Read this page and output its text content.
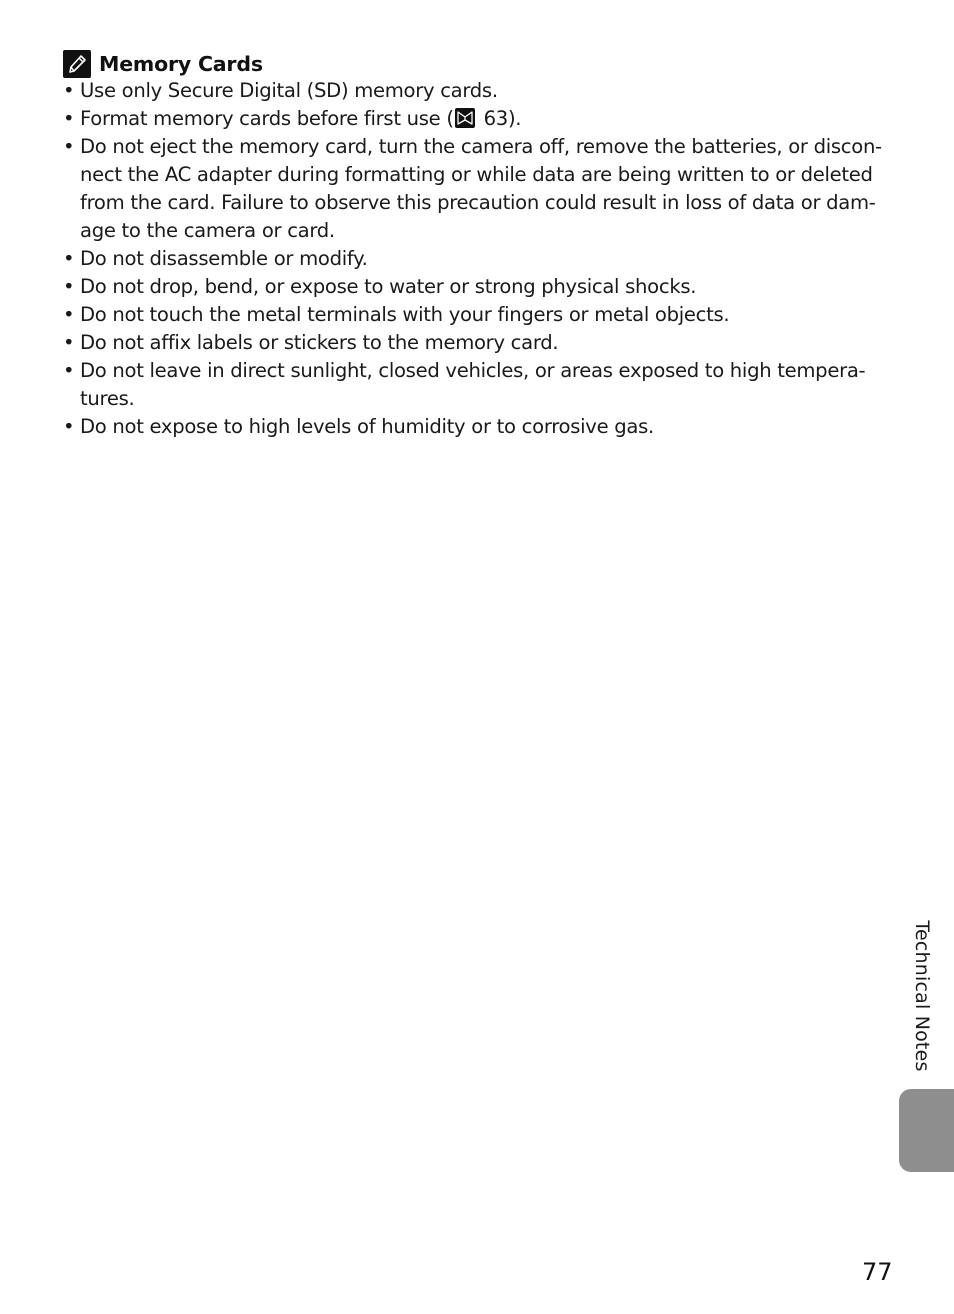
Memory Cards
• Use only Secure Digital (SD) memory cards.
• Format memory cards before first use ( 63).
• Do not eject the memory card, turn the camera off, remove the batteries, or discon-
nect the AC adapter during formatting or while data are being written to or deleted
from the card. Failure to observe this precaution could result in loss of data or dam-
age to the camera or card.
• Do not disassemble or modify.
• Do not drop, bend, or expose to water or strong physical shocks.
• Do not touch the metal terminals with your fingers or metal objects.
• Do not affix labels or stickers to the memory card.
• Do not leave in direct sunlight, closed vehicles, or areas exposed to high tempera-
tures.
• Do not expose to high levels of humidity or to corrosive gas.
Technical Notes
77
